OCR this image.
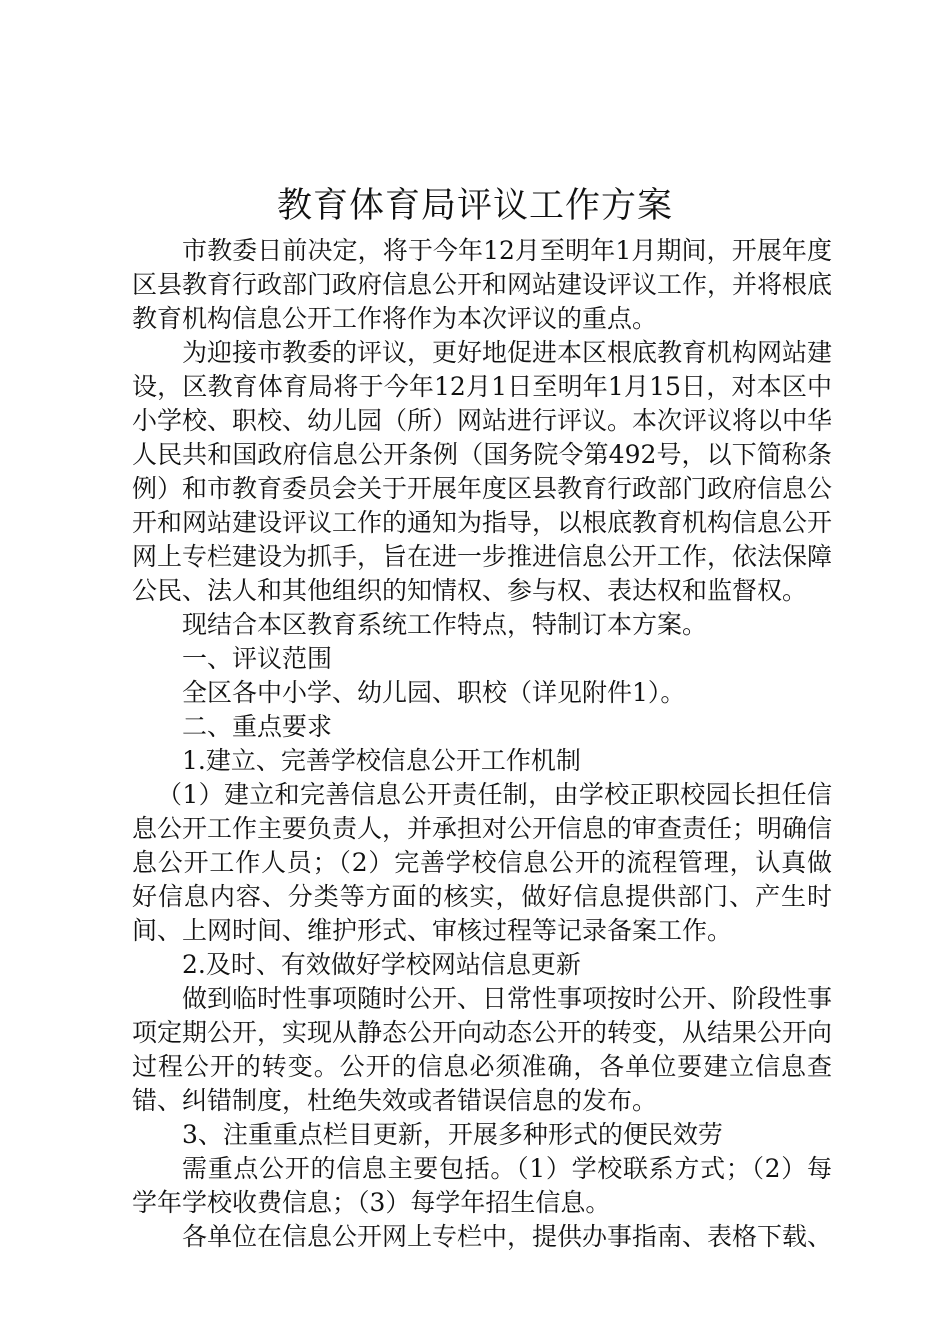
教育体育局评议工作方案

市教委日前决定，将于今年12月至明年1月期间，开展年度区县教育行政部门政府信息公开和网站建设评议工作，并将根底教育机构信息公开工作将作为本次评议的重点。

为迎接市教委的评议，更好地促进本区根底教育机构网站建设，区教育体育局将于今年12月1日至明年1月15日，对本区中小学校、职校、幼儿园（所）网站进行评议。本次评议将以中华人民共和国政府信息公开条例（国务院令第492号，以下简称条例）和市教育委员会关于开展年度区县教育行政部门政府信息公开和网站建设评议工作的通知为指导，以根底教育机构信息公开网上专栏建设为抓手，旨在进一步推进信息公开工作，依法保障公民、法人和其他组织的知情权、参与权、表达权和监督权。

现结合本区教育系统工作特点，特制订本方案。

一、评议范围

全区各中小学、幼儿园、职校（详见附件1）。

二、重点要求

1.建立、完善学校信息公开工作机制

（1）建立和完善信息公开责任制，由学校正职校园长担任信息公开工作主要负责人，并承担对公开信息的审查责任；明确信息公开工作人员；（2）完善学校信息公开的流程管理，认真做好信息内容、分类等方面的核实，做好信息提供部门、产生时间、上网时间、维护形式、审核过程等记录备案工作。

2.及时、有效做好学校网站信息更新

做到临时性事项随时公开、日常性事项按时公开、阶段性事项定期公开，实现从静态公开向动态公开的转变，从结果公开向过程公开的转变。公开的信息必须准确，各单位要建立信息查错、纠错制度，杜绝失效或者错误信息的发布。

3、注重重点栏目更新，开展多种形式的便民效劳

需重点公开的信息主要包括。（1）学校联系方式；（2）每学年学校收费信息；（3）每学年招生信息。

各单位在信息公开网上专栏中，提供办事指南、表格下载、
